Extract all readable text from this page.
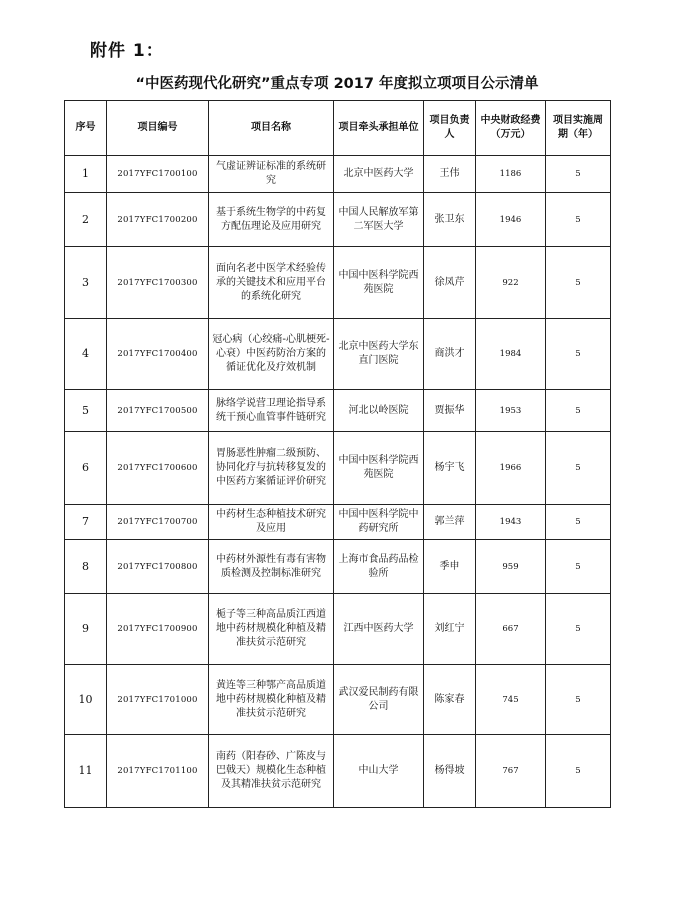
附件 1：
“中医药现代化研究”重点专项 2017 年度拟立项项目公示清单
序号	项目编号	项目名称	项目牵头承担单位	项目负责人	中央财政经费（万元）	项目实施周期（年）
1	2017YFC1700100	气虚证辨证标准的系统研究	北京中医药大学	王伟	1186	5
2	2017YFC1700200	基于系统生物学的中药复方配伍理论及应用研究	中国人民解放军第二军医大学	张卫东	1946	5
3	2017YFC1700300	面向名老中医学术经验传承的关键技术和应用平台的系统化研究	中国中医科学院西苑医院	徐凤芹	922	5
4	2017YFC1700400	冠心病（心绞痛-心肌梗死-心衰）中医药防治方案的循证优化及疗效机制	北京中医药大学东直门医院	商洪才	1984	5
5	2017YFC1700500	脉络学说营卫理论指导系统干预心血管事件链研究	河北以岭医院	贾振华	1953	5
6	2017YFC1700600	胃肠恶性肿瘤二级预防、协同化疗与抗转移复发的中医药方案循证评价研究	中国中医科学院西苑医院	杨宇飞	1966	5
7	2017YFC1700700	中药材生态种植技术研究及应用	中国中医科学院中药研究所	郭兰萍	1943	5
8	2017YFC1700800	中药材外源性有毒有害物质检测及控制标准研究	上海市食品药品检验所	季申	959	5
9	2017YFC1700900	栀子等三种高品质江西道地中药材规模化种植及精准扶贫示范研究	江西中医药大学	刘红宁	667	5
10	2017YFC1701000	黄连等三种鄂产高品质道地中药材规模化种植及精准扶贫示范研究	武汉爱民制药有限公司	陈家春	745	5
11	2017YFC1701100	南药（阳春砂、广陈皮与巴戟天）规模化生态种植及其精准扶贫示范研究	中山大学	杨得坡	767	5
